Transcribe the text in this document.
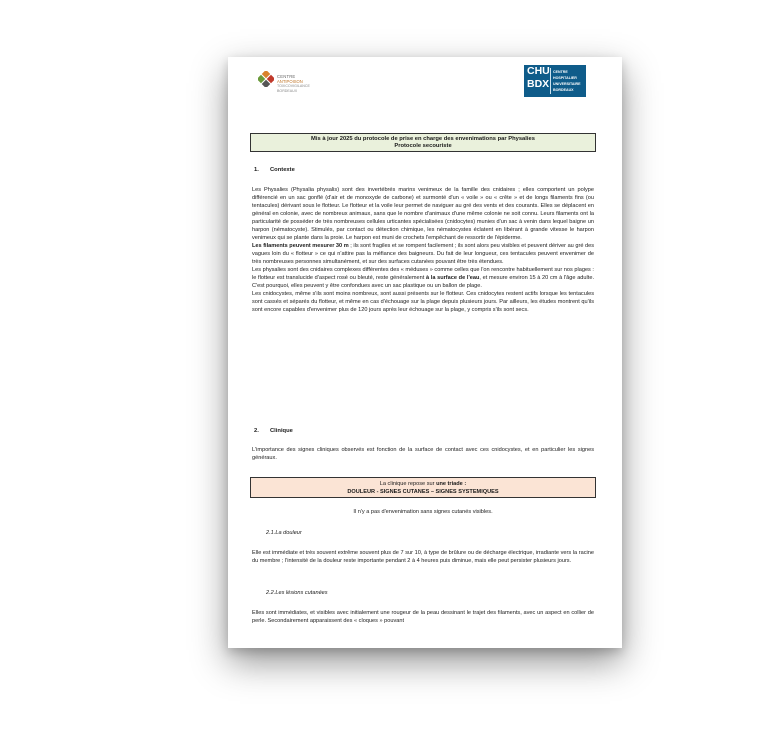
CENTRE
ANTIPOISON
TOXICOVIGILANCE
BORDEAUX
CHU
BDX
CENTRE
HOSPITALIER
UNIVERSITAIRE
BORDEAUX
Mis à jour 2025 du protocole de prise en charge des envenimations par Physalies
Protocole secouriste
1. Contexte

Les Physalies (Physalia physalis) sont des invertébrés marins venimeux de la famille des cnidaires ; elles comportent un polype différencié en un sac gonflé (d'air et de monoxyde de carbone) et surmonté d'un « voile » ou « crête » et de longs filaments fins (ou tentacules) dérivant sous le flotteur. Le flotteur et la voile leur permet de naviguer au gré des vents et des courants. Elles se déplacent en général en colonie, avec de nombreux animaux, sans que le nombre d'animaux d'une même colonie ne soit connu. Leurs filaments ont la particularité de posséder de très nombreuses cellules urticantes spécialisées (cnidocytes) munies d'un sac à venin dans lequel baigne un harpon (nématocyste). Stimulés, par contact ou détection chimique, les nématocystes éclatent en libérant à grande vitesse le harpon venimeux qui se plante dans la proie. Le harpon est muni de crochets l'empêchant de ressortir de l'épiderme.

Les filaments peuvent mesurer 30 m ; ils sont fragiles et se rompent facilement ; ils sont alors peu visibles et peuvent dériver au gré des vagues loin du « flotteur » ce qui n'attire pas la méfiance des baigneurs. Du fait de leur longueur, ces tentacules peuvent envenimer de très nombreuses personnes simultanément, et sur des surfaces cutanées pouvant être très étendues.

Les physalies sont des cnidaires complexes différentes des « méduses » comme celles que l'on rencontre habituellement sur nos plages : le flotteur est translucide d'aspect rosé ou bleuté, reste généralement à la surface de l'eau, et mesure environ 15 à 20 cm à l'âge adulte. C'est pourquoi, elles peuvent y être confondues avec un sac plastique ou un ballon de plage.

Les cnidocystes, même s'ils sont moins nombreux, sont aussi présents sur le flotteur. Ces cnidocytes restent actifs lorsque les tentacules sont cassés et séparés du flotteur, et même en cas d'échouage sur la plage depuis plusieurs jours. Par ailleurs, les études montrent qu'ils sont encore capables d'envenimer plus de 120 jours après leur échouage sur la plage, y compris s'ils sont secs.

2. Clinique

L'importance des signes cliniques observés est fonction de la surface de contact avec ces cnidocystes, et en particulier les signes généraux.

La clinique repose sur une triade :
DOULEUR - SIGNES CUTANES – SIGNES SYSTEMIQUES
Il n'y a pas d'envenimation sans signes cutanés visibles.
2.1.La douleur

Elle est immédiate et très souvent extrême souvent plus de 7 sur 10, à type de brûlure ou de décharge électrique, irradiante vers la racine du membre ; l'intensité de la douleur reste importante pendant 2 à 4 heures puis diminue, mais elle peut persister plusieurs jours.

2.2.Les lésions cutanées

Elles sont immédiates, et visibles avec initialement une rougeur de la peau dessinant le trajet des filaments, avec un aspect en collier de perle. Secondairement apparaissent des « cloques » pouvant
